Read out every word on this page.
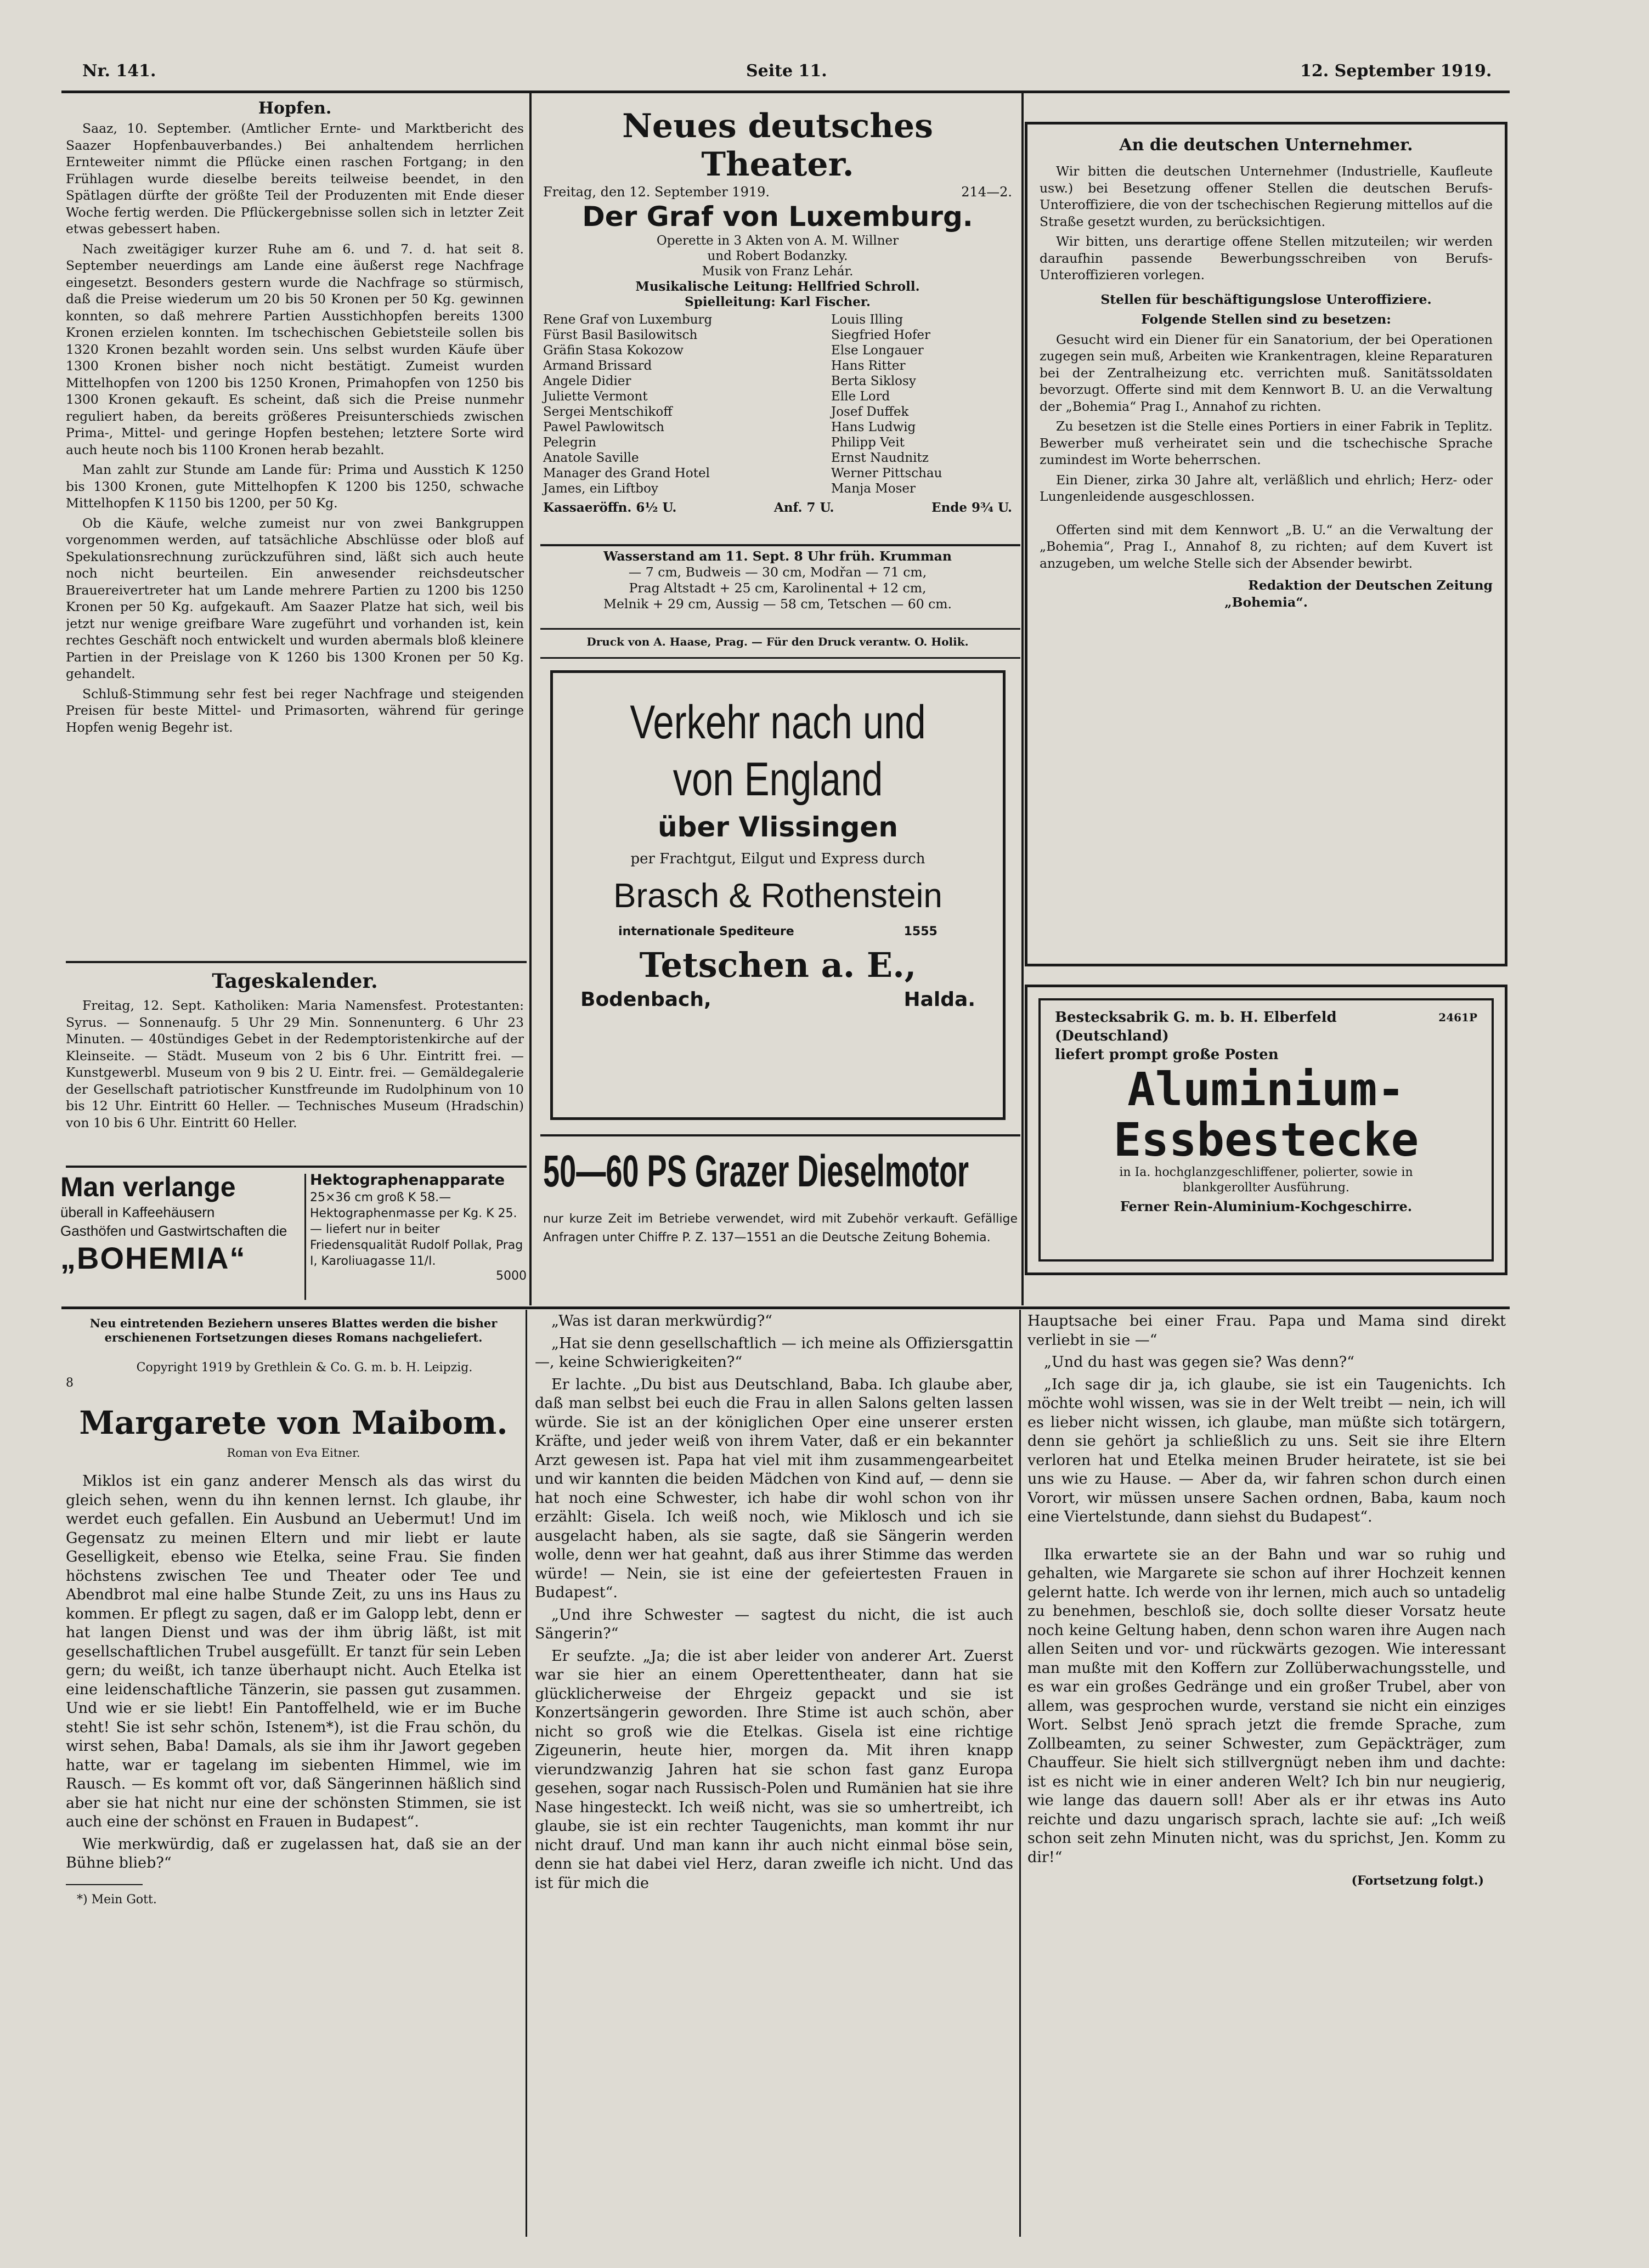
Nr. 141.	Seite 11.	12. September 1919.
Hopfen.

Saaz, 10. September. (Amtlicher Ernte- und Marktbericht des Saazer Hopfenbauverbandes.) Bei anhaltendem herrlichen Ernteweiter nimmt die Pflücke einen raschen Fortgang; in den Frühlagen wurde dieselbe bereits teilweise beendet, in den Spätlagen dürfte der größte Teil der Produzenten mit Ende dieser Woche fertig werden. Die Pflückergebnisse sollen sich in letzter Zeit etwas gebessert haben.

Nach zweitägiger kurzer Ruhe am 6. und 7. d. hat seit 8. September neuerdings am Lande eine äußerst rege Nachfrage eingesetzt. Besonders gestern wurde die Nachfrage so stürmisch, daß die Preise wiederum um 20 bis 50 Kronen per 50 Kg. gewinnen konnten, so daß mehrere Partien Ausstichhopfen bereits 1300 Kronen erzielen konnten. Im tschechischen Gebietsteile sollen bis 1320 Kronen bezahlt worden sein. Uns selbst wurden Käufe über 1300 Kronen bisher noch nicht bestätigt. Zumeist wurden Mittelhopfen von 1200 bis 1250 Kronen, Primahopfen von 1250 bis 1300 Kronen gekauft. Es scheint, daß sich die Preise nunmehr reguliert haben, da bereits größeres Preisunterschieds zwischen Prima-, Mittel- und geringe Hopfen bestehen; letztere Sorte wird auch heute noch bis 1100 Kronen herab bezahlt.

Man zahlt zur Stunde am Lande für: Prima und Ausstich K 1250 bis 1300 Kronen, gute Mittelhopfen K 1200 bis 1250, schwache Mittelhopfen K 1150 bis 1200, per 50 Kg.

Ob die Käufe, welche zumeist nur von zwei Bankgruppen vorgenommen werden, auf tatsächliche Abschlüsse oder bloß auf Spekulationsrechnung zurückzuführen sind, läßt sich auch heute noch nicht beurteilen. Ein anwesender reichsdeutscher Brauereivertreter hat um Lande mehrere Partien zu 1200 bis 1250 Kronen per 50 Kg. aufgekauft. Am Saazer Platze hat sich, weil bis jetzt nur wenige greifbare Ware zugeführt und vorhanden ist, kein rechtes Geschäft noch entwickelt und wurden abermals bloß kleinere Partien in der Preislage von K 1260 bis 1300 Kronen per 50 Kg. gehandelt.

Schluß-Stimmung sehr fest bei reger Nachfrage und steigenden Preisen für beste Mittel- und Primasorten, während für geringe Hopfen wenig Begehr ist.

Tageskalender.
Freitag, 12. Sept. Katholiken: Maria Namensfest. Protestanten: Syrus. — Sonnenaufg. 5 Uhr 29 Min. Sonnenunterg. 6 Uhr 23 Minuten. — 40stündiges Gebet in der Redemptoristenkirche auf der Kleinseite. — Städt. Museum von 2 bis 6 Uhr. Eintritt frei. — Kunstgewerbl. Museum von 9 bis 2 U. Eintr. frei. — Gemäldegalerie der Gesellschaft patriotischer Kunstfreunde im Rudolphinum von 10 bis 12 Uhr. Eintritt 60 Heller. — Technisches Museum (Hradschin) von 10 bis 6 Uhr. Eintritt 60 Heller.
Man verlange
überall in Kaffeehäusern
Gasthöfen und Gastwirtschaften die
„BOHEMIA“
Hektographenapparate
25×36 cm groß K 58.— Hektographenmasse per Kg. K 25.— liefert nur in beiter Friedensqualität Rudolf Pollak, Prag I, Karoliuagasse 11/I.
5000
Neues deutsches Theater.
Freitag, den 12. September 1919.	214—2.
Der Graf von Luxemburg.
Operette in 3 Akten von A. M. Willner
und Robert Bodanzky.
Musik von Franz Lehár.
Musikalische Leitung: Hellfried Schroll.
Spielleitung: Karl Fischer.
Rene Graf von Luxemburg	Louis Illing
Fürst Basil Basilowitsch	Siegfried Hofer
Gräfin Stasa Kokozow	Else Longauer
Armand Brissard	Hans Ritter
Angele Didier	Berta Siklosy
Juliette Vermont	Elle Lord
Sergei Mentschikoff	Josef Duffek
Pawel Pawlowitsch	Hans Ludwig
Pelegrin	Philipp Veit
Anatole Saville	Ernst Naudnitz
Manager des Grand Hotel	Werner Pittschau
James, ein Liftboy	Manja Moser
Kassaeröffn. 6½ U.	Anf. 7 U.	Ende 9¾ U.
Wasserstand am 11. Sept. 8 Uhr früh. Krumman
— 7 cm, Budweis — 30 cm, Modřan — 71 cm,
Prag Altstadt + 25 cm, Karolinental + 12 cm,
Melnik + 29 cm, Aussig — 58 cm, Tetschen — 60 cm.
Druck von A. Haase, Prag. — Für den Druck verantw. O. Holik.
Verkehr nach und
von England
über Vlissingen
per Frachtgut, Eilgut und Express durch
Brasch & Rothenstein
internationale Spediteure	1555
Tetschen a. E.,
Bodenbach,	Halda.
50—60 PS Grazer Dieselmotor
nur kurze Zeit im Betriebe verwendet, wird mit Zubehör verkauft. Gefällige Anfragen unter Chiffre P. Z. 137—1551 an die Deutsche Zeitung Bohemia.
An die deutschen Unternehmer.

Wir bitten die deutschen Unternehmer (Industrielle, Kaufleute usw.) bei Besetzung offener Stellen die deutschen Berufs-Unteroffiziere, die von der tschechischen Regierung mittellos auf die Straße gesetzt wurden, zu berücksichtigen.

Wir bitten, uns derartige offene Stellen mitzuteilen; wir werden daraufhin passende Bewerbungsschreiben von Berufs-Unteroffizieren vorlegen.

Stellen für beschäftigungslose Unteroffiziere.
Folgende Stellen sind zu besetzen:

Gesucht wird ein Diener für ein Sanatorium, der bei Operationen zugegen sein muß, Arbeiten wie Krankentragen, kleine Reparaturen bei der Zentralheizung etc. verrichten muß. Sanitätssoldaten bevorzugt. Offerte sind mit dem Kennwort B. U. an die Verwaltung der „Bohemia“ Prag I., Annahof zu richten.

Zu besetzen ist die Stelle eines Portiers in einer Fabrik in Teplitz. Bewerber muß verheiratet sein und die tschechische Sprache zumindest im Worte beherrschen.

Ein Diener, zirka 30 Jahre alt, verläßlich und ehrlich; Herz- oder Lungenleidende ausgeschlossen.

Offerten sind mit dem Kennwort „B. U.“ an die Verwaltung der „Bohemia“, Prag I., Annahof 8, zu richten; auf dem Kuvert ist anzugeben, um welche Stelle sich der Absender bewirbt.

Redaktion der Deutschen Zeitung
„Bohemia“.
Bestecksabrik G. m. b. H. Elberfeld (Deutschland)
2461P
liefert prompt große Posten
Aluminium-
Essbestecke
in Ia. hochglanzgeschliffener, polierter, sowie in blankgerollter Ausführung.
Ferner Rein-Aluminium-Kochgeschirre.
Neu eintretenden Beziehern unseres Blattes werden die bisher erschienenen Fortsetzungen dieses Romans nachgeliefert.
8
Copyright 1919 by Grethlein & Co. G. m. b. H. Leipzig.
Margarete von Maibom.
Roman von Eva Eitner.

Miklos ist ein ganz anderer Mensch als das wirst du gleich sehen, wenn du ihn kennen lernst. Ich glaube, ihr werdet euch gefallen. Ein Ausbund an Uebermut! Und im Gegensatz zu meinen Eltern und mir liebt er laute Geselligkeit, ebenso wie Etelka, seine Frau. Sie finden höchstens zwischen Tee und Theater oder Tee und Abendbrot mal eine halbe Stunde Zeit, zu uns ins Haus zu kommen. Er pflegt zu sagen, daß er im Galopp lebt, denn er hat langen Dienst und was der ihm übrig läßt, ist mit gesellschaftlichen Trubel ausgefüllt. Er tanzt für sein Leben gern; du weißt, ich tanze überhaupt nicht. Auch Etelka ist eine leidenschaftliche Tänzerin, sie passen gut zusammen. Und wie er sie liebt! Ein Pantoffelheld, wie er im Buche steht! Sie ist sehr schön, Istenem*), ist die Frau schön, du wirst sehen, Baba! Damals, als sie ihm ihr Jawort gegeben hatte, war er tagelang im siebenten Himmel, wie im Rausch. — Es kommt oft vor, daß Sängerinnen häßlich sind aber sie hat nicht nur eine der schönsten Stimmen, sie ist auch eine der schönst en Frauen in Budapest“.

Wie merkwürdig, daß er zugelassen hat, daß sie an der Bühne blieb?“

*) Mein Gott.

„Was ist daran merkwürdig?“

„Hat sie denn gesellschaftlich — ich meine als Offiziersgattin —, keine Schwierigkeiten?“

Er lachte. „Du bist aus Deutschland, Baba. Ich glaube aber, daß man selbst bei euch die Frau in allen Salons gelten lassen würde. Sie ist an der königlichen Oper eine unserer ersten Kräfte, und jeder weiß von ihrem Vater, daß er ein bekannter Arzt gewesen ist. Papa hat viel mit ihm zusammengearbeitet und wir kannten die beiden Mädchen von Kind auf, — denn sie hat noch eine Schwester, ich habe dir wohl schon von ihr erzählt: Gisela. Ich weiß noch, wie Miklosch und ich sie ausgelacht haben, als sie sagte, daß sie Sängerin werden wolle, denn wer hat geahnt, daß aus ihrer Stimme das werden würde! — Nein, sie ist eine der gefeiertesten Frauen in Budapest“.

„Und ihre Schwester — sagtest du nicht, die ist auch Sängerin?“

Er seufzte. „Ja; die ist aber leider von anderer Art. Zuerst war sie hier an einem Operettentheater, dann hat sie glücklicherweise der Ehrgeiz gepackt und sie ist Konzertsängerin geworden. Ihre Stime ist auch schön, aber nicht so groß wie die Etelkas. Gisela ist eine richtige Zigeunerin, heute hier, morgen da. Mit ihren knapp vierundzwanzig Jahren hat sie schon fast ganz Europa gesehen, sogar nach Russisch-Polen und Rumänien hat sie ihre Nase hingesteckt. Ich weiß nicht, was sie so umhertreibt, ich glaube, sie ist ein rechter Taugenichts, man kommt ihr nur nicht drauf. Und man kann ihr auch nicht einmal böse sein, denn sie hat dabei viel Herz, daran zweifle ich nicht. Und das ist für mich die

Hauptsache bei einer Frau. Papa und Mama sind direkt verliebt in sie —“

„Und du hast was gegen sie? Was denn?“

„Ich sage dir ja, ich glaube, sie ist ein Taugenichts. Ich möchte wohl wissen, was sie in der Welt treibt — nein, ich will es lieber nicht wissen, ich glaube, man müßte sich totärgern, denn sie gehört ja schließlich zu uns. Seit sie ihre Eltern verloren hat und Etelka meinen Bruder heiratete, ist sie bei uns wie zu Hause. — Aber da, wir fahren schon durch einen Vorort, wir müssen unsere Sachen ordnen, Baba, kaum noch eine Viertelstunde, dann siehst du Budapest“.

Ilka erwartete sie an der Bahn und war so ruhig und gehalten, wie Margarete sie schon auf ihrer Hochzeit kennen gelernt hatte. Ich werde von ihr lernen, mich auch so untadelig zu benehmen, beschloß sie, doch sollte dieser Vorsatz heute noch keine Geltung haben, denn schon waren ihre Augen nach allen Seiten und vor- und rückwärts gezogen. Wie interessant man mußte mit den Koffern zur Zollüberwachungsstelle, und es war ein großes Gedränge und ein großer Trubel, aber von allem, was gesprochen wurde, verstand sie nicht ein einziges Wort. Selbst Jenö sprach jetzt die fremde Sprache, zum Zollbeamten, zu seiner Schwester, zum Gepäckträger, zum Chauffeur. Sie hielt sich stillvergnügt neben ihm und dachte: ist es nicht wie in einer anderen Welt? Ich bin nur neugierig, wie lange das dauern soll! Aber als er ihr etwas ins Auto reichte und dazu ungarisch sprach, lachte sie auf: „Ich weiß schon seit zehn Minuten nicht, was du sprichst, Jen. Komm zu dir!“

(Fortsetzung folgt.)
